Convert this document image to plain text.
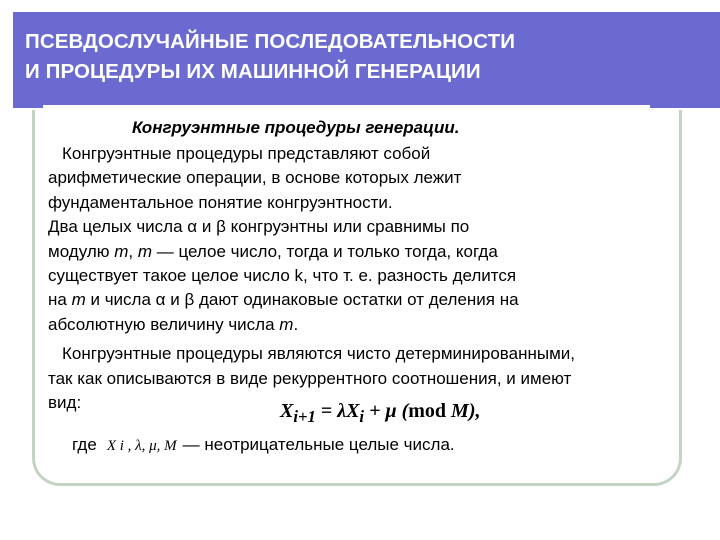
ПСЕВДОСЛУЧАЙНЫЕ ПОСЛЕДОВАТЕЛЬНОСТИ
И ПРОЦЕДУРЫ ИХ МАШИННОЙ ГЕНЕРАЦИИ
Конгруэнтные процедуры генерации.
Конгруэнтные процедуры представляют собой
арифметические операции, в основе которых лежит
фундаментальное понятие конгруэнтности.
Два целых числа α и β конгруэнтны или сравнимы по
модулю m, m — целое число, тогда и только тогда, когда
существует такое целое число k, что т. е. разность делится
на m и числа α и β дают одинаковые остатки от деления на
абсолютную величину числа m.
Конгруэнтные процедуры являются чисто детерминированными,
так как описываются в виде рекуррентного соотношения, и имеют
вид:	$X_{i+1} = \lambda X_i + \mu$ (mod M),
где X i , λ, μ, M — неотрицательные целые числа.
